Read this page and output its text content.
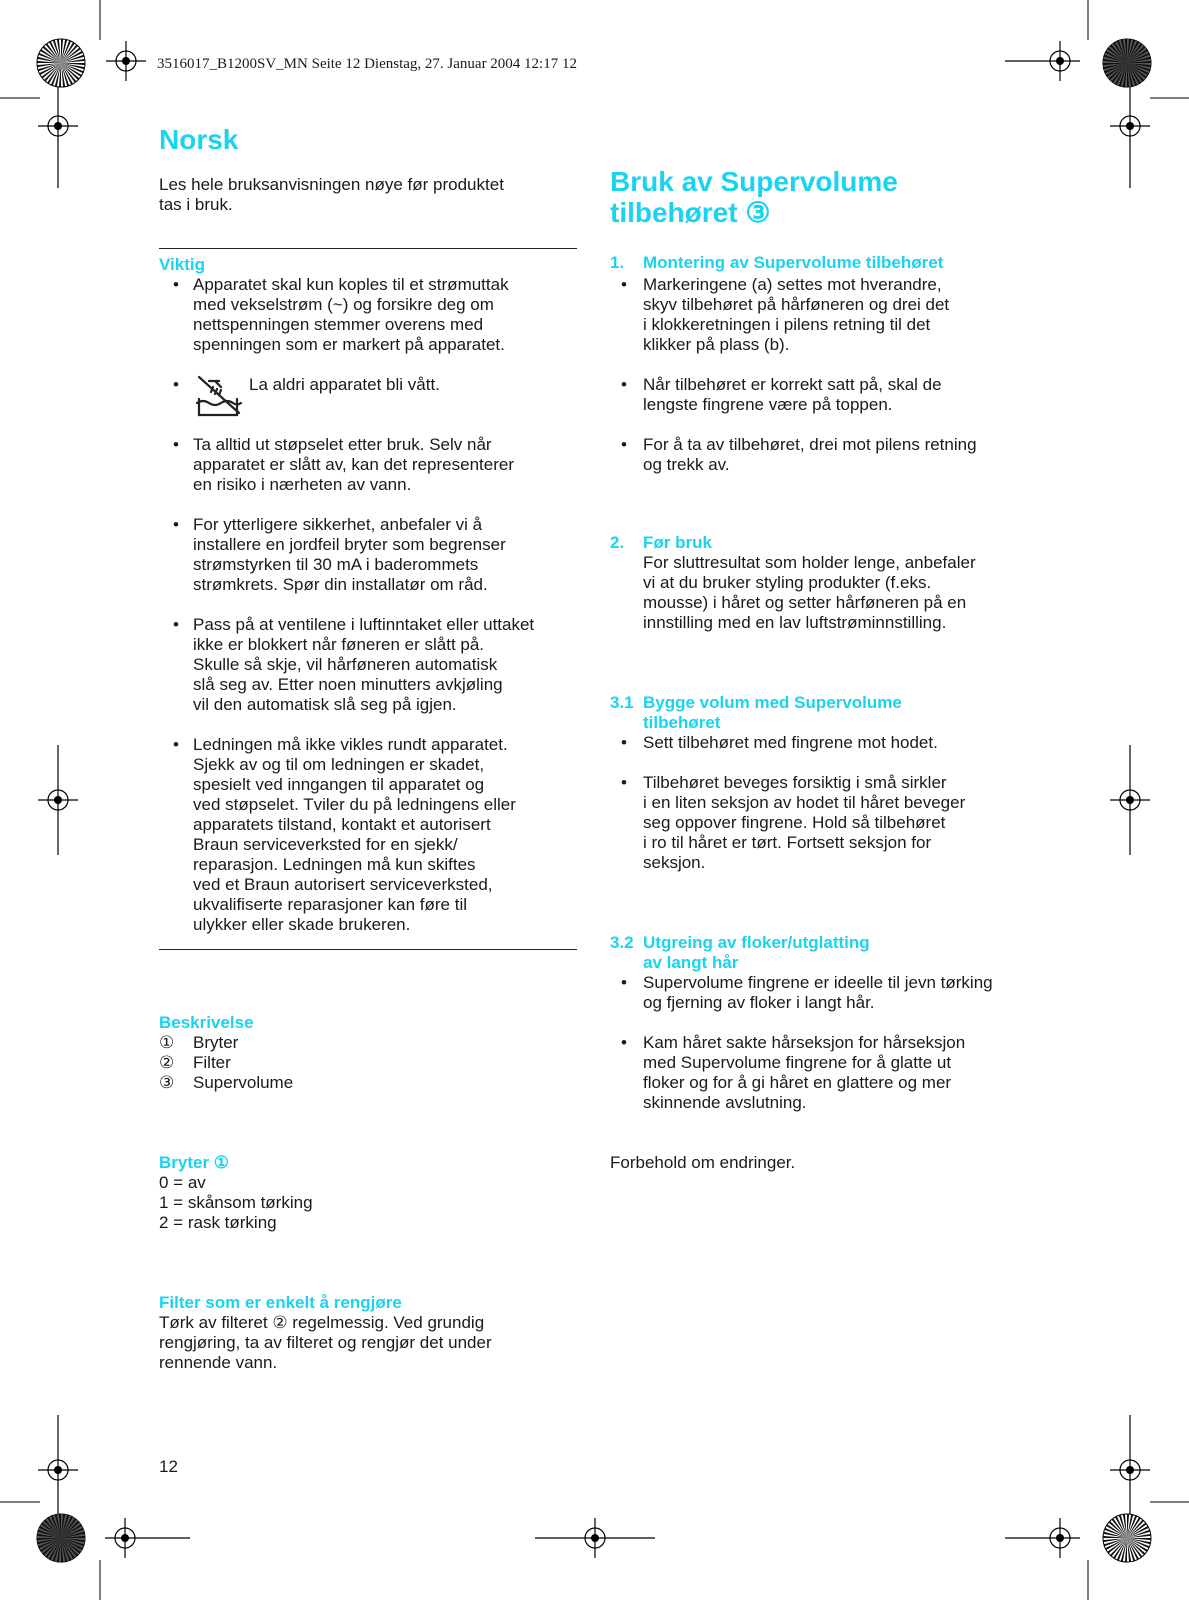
3516017_B1200SV_MN Seite 12 Dienstag, 27. Januar 2004 12:17 12
Norsk
Les hele bruksanvisningen nøye før produktet
tas i bruk.
Viktig
• Apparatet skal kun koples til et strømuttak
med vekselstrøm (~) og forsikre deg om
nettspenningen stemmer overens med
spenningen som er markert på apparatet.
•	La aldri apparatet bli vått.
• Ta alltid ut støpselet etter bruk. Selv når
apparatet er slått av, kan det representerer
en risiko i nærheten av vann.
• For ytterligere sikkerhet, anbefaler vi å
installere en jordfeil bryter som begrenser
strømstyrken til 30 mA i baderommets
strømkrets. Spør din installatør om råd.
• Pass på at ventilene i luftinntaket eller uttaket
ikke er blokkert når føneren er slått på.
Skulle så skje, vil hårføneren automatisk
slå seg av. Etter noen minutters avkjøling
vil den automatisk slå seg på igjen.
• Ledningen må ikke vikles rundt apparatet.
Sjekk av og til om ledningen er skadet,
spesielt ved inngangen til apparatet og
ved støpselet. Tviler du på ledningens eller
apparatets tilstand, kontakt et autorisert
Braun serviceverksted for en sjekk/
reparasjon. Ledningen må kun skiftes
ved et Braun autorisert serviceverksted,
ukvalifiserte reparasjoner kan føre til
ulykker eller skade brukeren.
Beskrivelse
① Bryter
② Filter
③ Supervolume
Bryter ①
0 = av
1 = skånsom tørking
2 = rask tørking
Filter som er enkelt å rengjøre
Tørk av filteret ② regelmessig. Ved grundig
rengjøring, ta av filteret og rengjør det under
rennende vann.
12
Bruk av Supervolume
tilbehøret ③
1. Montering av Supervolume tilbehøret
• Markeringene (a) settes mot hverandre,
skyv tilbehøret på hårføneren og drei det
i klokkeretningen i pilens retning til det
klikker på plass (b).
• Når tilbehøret er korrekt satt på, skal de
lengste fingrene være på toppen.
• For å ta av tilbehøret, drei mot pilens retning
og trekk av.
2. Før bruk
For sluttresultat som holder lenge, anbefaler
vi at du bruker styling produkter (f.eks.
mousse) i håret og setter hårføneren på en
innstilling med en lav luftstrøminnstilling.
3.1 Bygge volum med Supervolume
tilbehøret
• Sett tilbehøret med fingrene mot hodet.
• Tilbehøret beveges forsiktig i små sirkler
i en liten seksjon av hodet til håret beveger
seg oppover fingrene. Hold så tilbehøret
i ro til håret er tørt. Fortsett seksjon for
seksjon.
3.2 Utgreing av floker/utglatting
av langt hår
• Supervolume fingrene er ideelle til jevn tørking
og fjerning av floker i langt hår.
• Kam håret sakte hårseksjon for hårseksjon
med Supervolume fingrene for å glatte ut
floker og for å gi håret en glattere og mer
skinnende avslutning.
Forbehold om endringer.
